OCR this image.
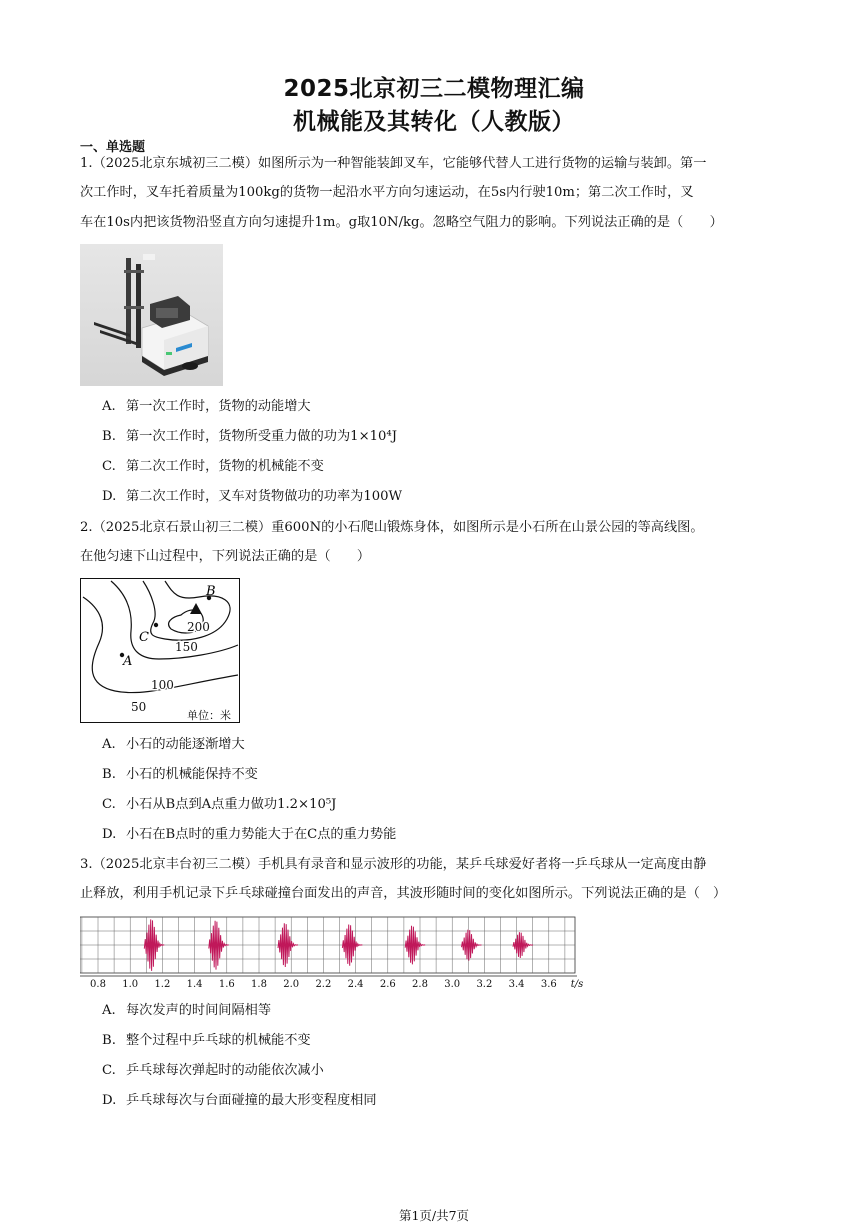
2025北京初三二模物理汇编
机械能及其转化（人教版）
一、单选题
1.（2025北京东城初三二模）如图所示为一种智能装卸叉车，它能够代替人工进行货物的运输与装卸。第一
次工作时，叉车托着质量为100kg的货物一起沿水平方向匀速运动，在5s内行驶10m；第二次工作时，叉
车在10s内把该货物沿竖直方向匀速提升1m。g取10N/kg。忽略空气阻力的影响。下列说法正确的是（　　）
A. 第一次工作时，货物的动能增大
B. 第一次工作时，货物所受重力做的功为1×10⁴J
C. 第二次工作时，货物的机械能不变
D. 第二次工作时，叉车对货物做功的功率为100W
2.（2025北京石景山初三二模）重600N的小石爬山锻炼身体，如图所示是小石所在山景公园的等高线图。
在他匀速下山过程中，下列说法正确的是（　　）
B
C
A
200
150
100
50
单位：米
A. 小石的动能逐渐增大
B. 小石的机械能保持不变
C. 小石从B点到A点重力做功1.2×10⁵J
D. 小石在B点时的重力势能大于在C点的重力势能
3.（2025北京丰台初三二模）手机具有录音和显示波形的功能，某乒乓球爱好者将一乒乓球从一定高度由静
止释放，利用手机记录下乒乓球碰撞台面发出的声音，其波形随时间的变化如图所示。下列说法正确的是（　）
0.8 1.0 1.2 1.4 1.6 1.8 2.0 2.2 2.4 2.6 2.8 3.0 3.2 3.4 3.6 t/s
A. 每次发声的时间间隔相等
B. 整个过程中乒乓球的机械能不变
C. 乒乓球每次弹起时的动能依次减小
D. 乒乓球每次与台面碰撞的最大形变程度相同
第1页/共7页
